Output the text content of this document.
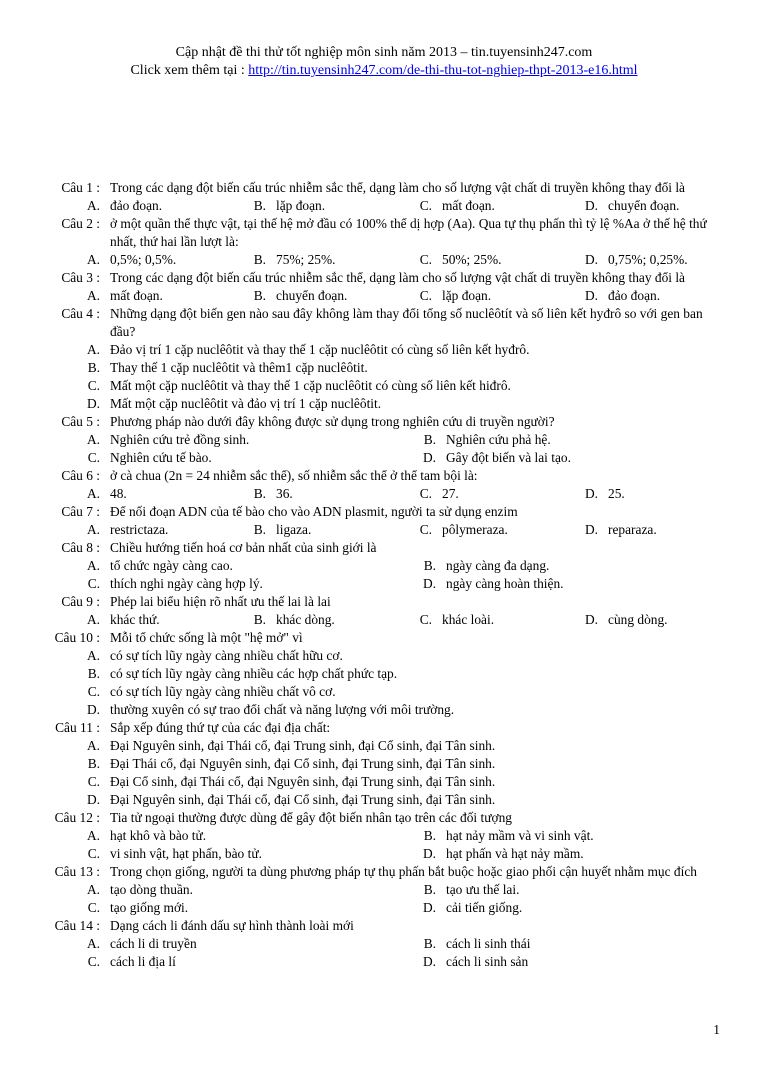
Cập nhật đề thi thử tốt nghiệp môn sinh năm 2013 – tin.tuyensinh247.com
Click xem thêm tại : http://tin.tuyensinh247.com/de-thi-thu-tot-nghiep-thpt-2013-e16.html
Câu 1 : Trong các dạng đột biến cấu trúc nhiễm sắc thể, dạng làm cho số lượng vật chất di truyền không thay đổi là
A. đảo đoạn.	B. lặp đoạn.	C. mất đoạn.	D. chuyển đoạn.
Câu 2 : ở một quần thể thực vật, tại thế hệ mở đầu có 100% thể dị hợp (Aa). Qua tự thụ phấn thì tỷ lệ %Aa ở thế hệ thứ nhất, thứ hai lần lượt là:
A. 0,5%; 0,5%.	B. 75%; 25%.	C. 50%; 25%.	D. 0,75%; 0,25%.
Câu 3 : Trong các dạng đột biến cấu trúc nhiễm sắc thể, dạng làm cho số lượng vật chất di truyền không thay đổi là
A. mất đoạn.	B. chuyển đoạn.	C. lặp đoạn.	D. đảo đoạn.
Câu 4 : Những dạng đột biến gen nào sau đây không làm thay đổi tổng số nuclêôtít và số liên kết hyđrô so với gen ban đầu?
A. Đảo vị trí 1 cặp nuclêôtit và thay thế 1 cặp nuclêôtit có cùng số liên kết hyđrô.
B. Thay thế 1 cặp nuclêôtit và thêm1 cặp nuclêôtit.
C. Mất một cặp nuclêôtit và thay thế 1 cặp nuclêôtit có cùng số liên kết hiđrô.
D. Mất một cặp nuclêôtit và đảo vị trí 1 cặp nuclêôtit.
Câu 5 : Phương pháp nào dưới đây không được sử dụng trong nghiên cứu di truyền người?
A. Nghiên cứu trẻ đồng sinh.	B. Nghiên cứu phả hệ.
C. Nghiên cứu tế bào.	D. Gây đột biến và lai tạo.
Câu 6 : ở cà chua (2n = 24 nhiễm sắc thể), số nhiễm sắc thể ở thể tam bội là:
A. 48.	B. 36.	C. 27.	D. 25.
Câu 7 : Để nối đoạn ADN của tế bào cho vào ADN plasmit, người ta sử dụng enzim
A. restrictaza.	B. ligaza.	C. pôlymeraza.	D. reparaza.
Câu 8 : Chiều hướng tiến hoá cơ bản nhất của sinh giới là
A. tổ chức ngày càng cao.	B. ngày càng đa dạng.
C. thích nghi ngày càng hợp lý.	D. ngày càng hoàn thiện.
Câu 9 : Phép lai biểu hiện rõ nhất ưu thế lai là lai
A. khác thứ.	B. khác dòng.	C. khác loài.	D. cùng dòng.
Câu 10 : Mỗi tổ chức sống là một "hệ mở" vì
A. có sự tích lũy ngày càng nhiều chất hữu cơ.
B. có sự tích lũy ngày càng nhiều các hợp chất phức tạp.
C. có sự tích lũy ngày càng nhiều chất vô cơ.
D. thường xuyên có sự trao đổi chất và năng lượng với môi trường.
Câu 11 : Sắp xếp đúng thứ tự của các đại địa chất:
A. Đại Nguyên sinh, đại Thái cổ, đại Trung sinh, đại Cổ sinh, đại Tân sinh.
B. Đại Thái cổ, đại Nguyên sinh, đại Cổ sinh, đại Trung sinh, đại Tân sinh.
C. Đại Cổ sinh, đại Thái cổ, đại Nguyên sinh, đại Trung sinh, đại Tân sinh.
D. Đại Nguyên sinh, đại Thái cổ, đại Cổ sinh, đại Trung sinh, đại Tân sinh.
Câu 12 : Tia tử ngoại thường được dùng để gây đột biến nhân tạo trên các đối tượng
A. hạt khô và bào tử.	B. hạt nảy mầm và vi sinh vật.
C. vi sinh vật, hạt phấn, bào tử.	D. hạt phấn và hạt nảy mầm.
Câu 13 : Trong chọn giống, người ta dùng phương pháp tự thụ phấn bắt buộc hoặc giao phối cận huyết nhằm mục đích
A. tạo dòng thuần.	B. tạo ưu thế lai.
C. tạo giống mới.	D. cải tiến giống.
Câu 14 : Dạng cách li đánh dấu sự hình thành loài mới
A. cách li di truyền	B. cách li sinh thái
C. cách li địa lí	D. cách li sinh sản
1
